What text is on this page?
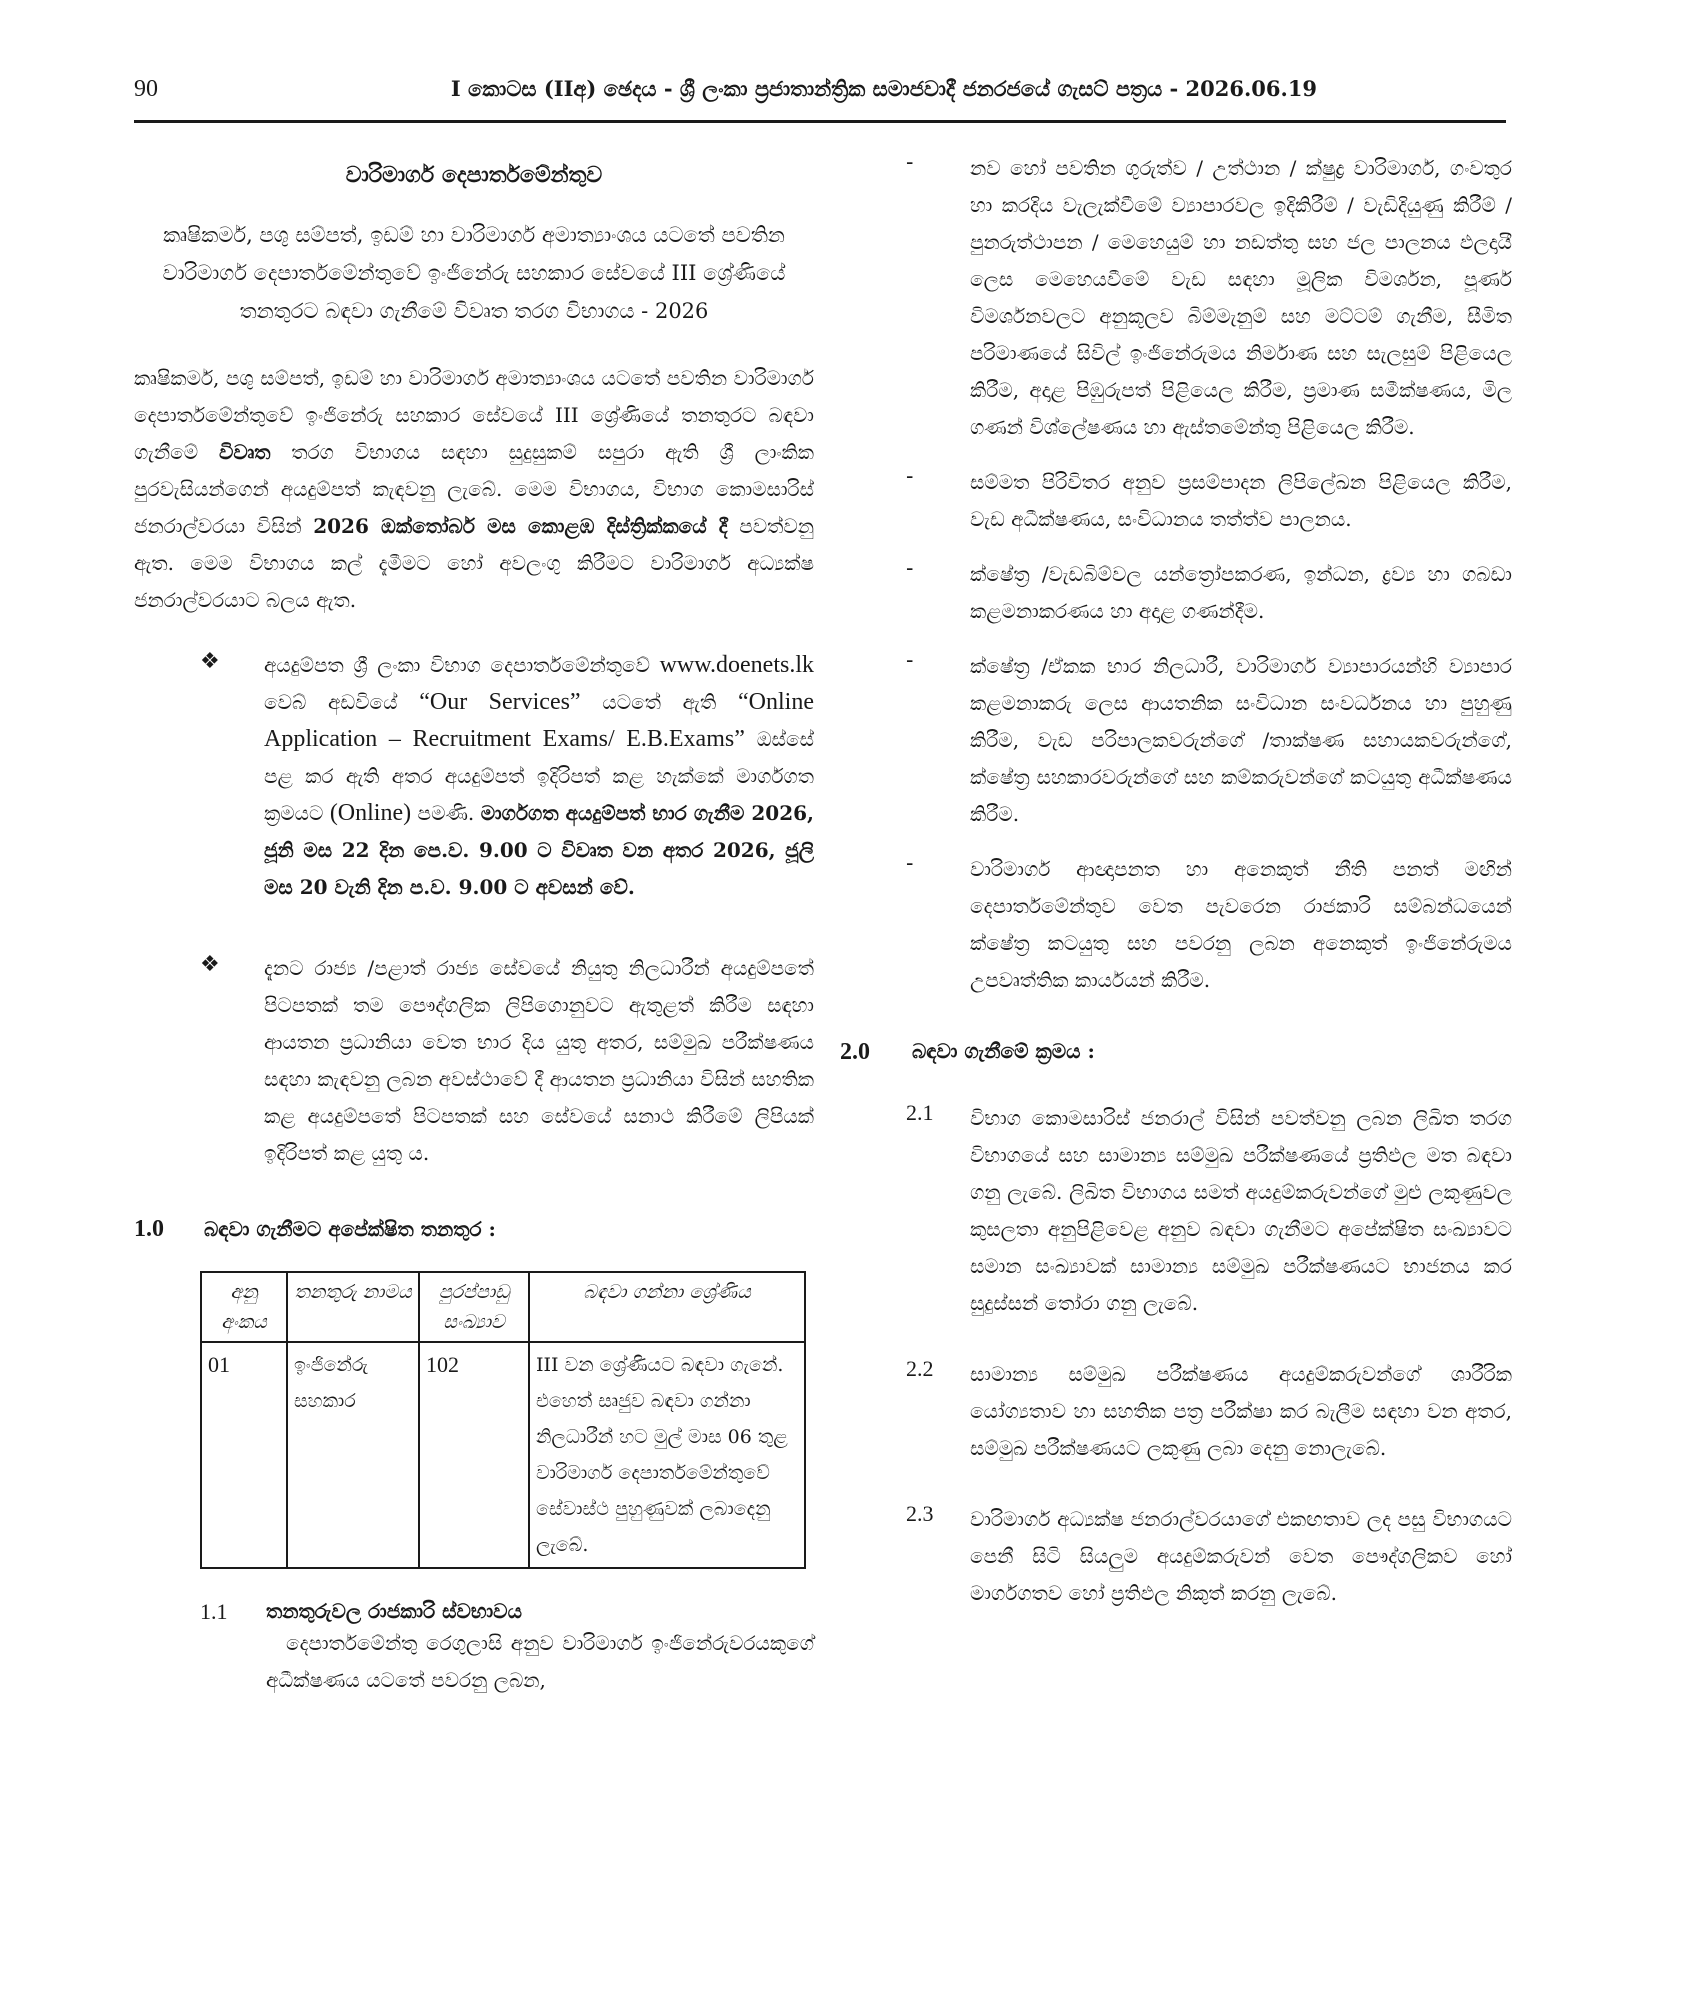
90	I කොටස (IIඅ) ඡෙදය - ශ්‍රී ලංකා ප්‍රජාතාන්ත්‍රික සමාජවාදී ජනරජයේ ගැසට් පත්‍රය - 2026.06.19
වාරිමාර්ග දෙපාර්තමේන්තුව
කෘෂිකර්ම, පශු සම්පත්, ඉඩම් හා වාරිමාර්ග අමාත්‍යාංශය යටතේ පවතින වාරිමාර්ග දෙපාර්තමේන්තුවේ ඉංජිනේරු සහකාර සේවයේ III ශ්‍රේණියේ තනතුරට බඳවා ගැනීමේ විවෘත තරග විභාගය - 2026

කෘෂිකර්ම, පශු සම්පත්, ඉඩම් හා වාරිමාර්ග අමාත්‍යාංශය යටතේ පවතින වාරිමාර්ග දෙපාර්තමේන්තුවේ ඉංජිනේරු සහකාර සේවයේ III ශ්‍රේණියේ තනතුරට බඳවා ගැනීමේ විවෘත තරග විභාගය සඳහා සුදුසුකම් සපුරා ඇති ශ්‍රී ලාංකික පුරවැසියන්ගෙන් අයදුම්පත් කැඳවනු ලැබේ. මෙම විභාගය, විභාග කොමසාරිස් ජනරාල්වරයා විසින් 2026 ඔක්තෝබර් මස කොළඹ දිස්ත්‍රික්කයේ දී පවත්වනු ඇත. මෙම විභාගය කල් දැමීමට හෝ අවලංගු කිරීමට වාරිමාර්ග අධ්‍යක්ෂ ජනරාල්වරයාට බලය ඇත.

❖ අයදුම්පත ශ්‍රී ලංකා විභාග දෙපාර්තමේන්තුවේ www.doenets.lk වෙබ් අඩවියේ “Our Services” යටතේ ඇති “Online Application – Recruitment Exams/ E.B.Exams” ඔස්සේ පළ කර ඇති අතර අයදුම්පත් ඉදිරිපත් කළ හැක්කේ මාර්ගගත ක්‍රමයට (Online) පමණි. මාර්ගගත අයදුම්පත් භාර ගැනීම 2026, ජූනි මස 22 දින පෙ.ව. 9.00 ට විවෘත වන අතර 2026, ජූලි මස 20 වැනි දින ප.ව. 9.00 ට අවසන් වේ.
❖ දැනට රාජ්‍ය /පළාත් රාජ්‍ය සේවයේ නියුතු නිලධාරීන් අයදුම්පතේ පිටපතක් තම පෞද්ගලික ලිපිගොනුවට ඇතුළත් කිරීම සඳහා ආයතන ප්‍රධානියා වෙත භාර දිය යුතු අතර, සම්මුඛ පරීක්ෂණය සඳහා කැඳවනු ලබන අවස්ථාවේ දී ආයතන ප්‍රධානියා විසින් සහතික කළ අයදුම්පතේ පිටපතක් සහ සේවයේ සනාථ කිරීමේ ලිපියක් ඉදිරිපත් කළ යුතු ය.
1.0	බඳවා ගැනීමට අපේක්ෂිත තනතුර :
අනු අංකය	තනතුරු නාමය	පුරප්පාඩු සංඛ්‍යාව	බඳවා ගන්නා ශ්‍රේණිය
01	ඉංජිනේරු සහකාර	102	III වන ශ්‍රේණියට බඳවා ගැනේ. එහෙත් සෘජුව බඳවා ගන්නා නිලධාරීන් හට මුල් මාස 06 තුළ වාරිමාර්ග දෙපාර්තමේන්තුවේ සේවාස්ථ පුහුණුවක් ලබාදෙනු ලැබේ.
1.1	තනතුරුවල රාජකාරි ස්වභාවය
දෙපාර්තමේන්තු රෙගුලාසි අනුව වාරිමාර්ග ඉංජිනේරුවරයකුගේ අධීක්ෂණය යටතේ පවරනු ලබන,
-	නව හෝ පවතින ගුරුත්ව / උත්ථාන / ක්ෂුද්‍ර වාරිමාර්ග, ගංවතුර හා කරදිය වැලැක්වීමේ ව්‍යාපාරවල ඉදිකිරීම් / වැඩිදියුණු කිරීම් / පුනරුත්ථාපන / මෙහෙයුම් හා නඩත්තු සහ ජල පාලනය ඵලදායී ලෙස මෙහෙයවීමේ වැඩ සඳහා මූලික විමර්ශන, පූර්ණ විමර්ශනවලට අනුකූලව බිම්මැනුම් සහ මට්ටම් ගැනීම, සීමිත පරිමාණයේ සිවිල් ඉංජිනේරුමය නිර්මාණ සහ සැලසුම් පිළියෙල කිරීම, අදාළ පිඹුරුපත් පිළියෙල කිරීම, ප්‍රමාණ සමීක්ෂණය, මිල ගණන් විශ්ලේෂණය හා ඇස්තමේන්තු පිළියෙල කිරීම.
-	සම්මත පිරිවිතර අනුව ප්‍රසම්පාදන ලිපිලේඛන පිළියෙල කිරීම, වැඩ අධීක්ෂණය, සංවිධානය තත්ත්ව පාලනය.
-	ක්ෂේත්‍ර /වැඩබිම්වල යන්ත්‍රෝපකරණ, ඉන්ධන, ද්‍රව්‍ය හා ගබඩා කළමනාකරණය හා අදාළ ගණන්දීම.
-	ක්ෂේත්‍ර /ඒකක භාර නිලධාරී, වාරිමාර්ග ව්‍යාපාරයන්හි ව්‍යාපාර කළමනාකරු ලෙස ආයතනික සංවිධාන සංවර්ධනය හා පුහුණු කිරීම, වැඩ පරිපාලකවරුන්ගේ /තාක්ෂණ සහායකවරුන්ගේ, ක්ෂේත්‍ර සහකාරවරුන්ගේ සහ කම්කරුවන්ගේ කටයුතු අධීක්ෂණය කිරීම.
-	වාරිමාර්ග ආඥාපනත හා අනෙකුත් නීති පනත් මඟින් දෙපාර්තමේන්තුව වෙත පැවරෙන රාජකාරි සම්බන්ධයෙන් ක්ෂේත්‍ර කටයුතු සහ පවරනු ලබන අනෙකුත් ඉංජිනේරුමය උපවෘත්තික කාර්යයන් කිරීම.
2.0	බඳවා ගැනීමේ ක්‍රමය :
2.1 විභාග කොමසාරිස් ජනරාල් විසින් පවත්වනු ලබන ලිඛිත තරග විභාගයේ සහ සාමාන්‍ය සම්මුඛ පරීක්ෂණයේ ප්‍රතිඵල මත බඳවා ගනු ලැබේ. ලිඛිත විභාගය සමත් අයදුම්කරුවන්ගේ මුළු ලකුණුවල කුසලතා අනුපිළිවෙළ අනුව බඳවා ගැනීමට අපේක්ෂිත සංඛ්‍යාවට සමාන සංඛ්‍යාවක් සාමාන්‍ය සම්මුඛ පරීක්ෂණයට භාජනය කර සුදුස්සන් තෝරා ගනු ලැබේ.
2.2 සාමාන්‍ය සම්මුඛ පරීක්ෂණය අයදුම්කරුවන්ගේ ශාරීරික යෝග්‍යතාව හා සහතික පත්‍ර පරීක්ෂා කර බැලීම සඳහා වන අතර, සම්මුඛ පරීක්ෂණයට ලකුණු ලබා දෙනු නොලැබේ.
2.3 වාරිමාර්ග අධ්‍යක්ෂ ජනරාල්වරයාගේ එකඟතාව ලද පසු විභාගයට පෙනී සිටි සියලුම අයදුම්කරුවන් වෙත පෞද්ගලිකව හෝ මාර්ගගතව හෝ ප්‍රතිඵල නිකුත් කරනු ලැබේ.
